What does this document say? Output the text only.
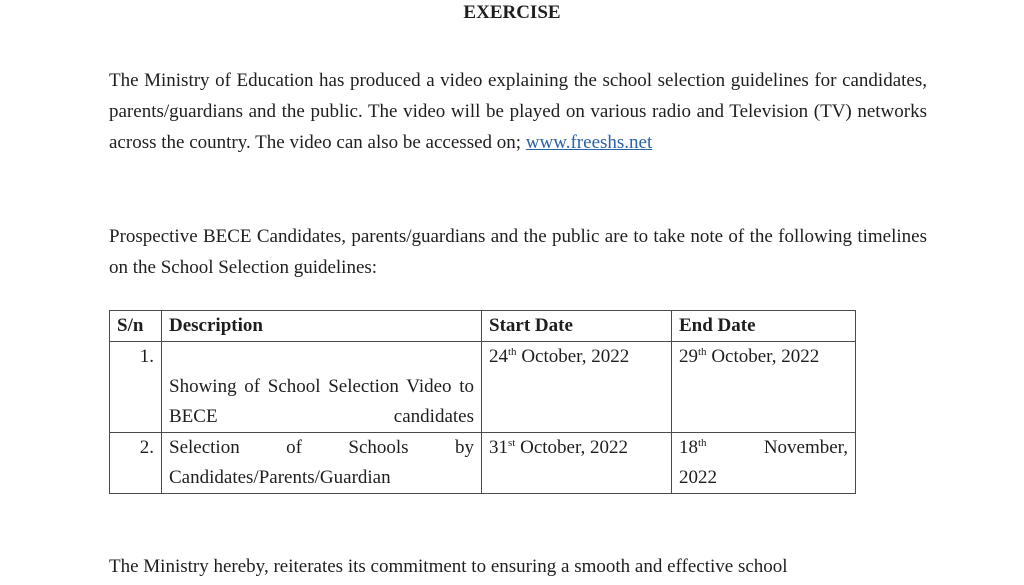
EXERCISE

The Ministry of Education has produced a video explaining the school selection guidelines for candidates, parents/guardians and the public. The video will be played on various radio and Television (TV) networks across the country. The video can also be accessed on; www.freeshs.net

Prospective BECE Candidates, parents/guardians and the public are to take note of the following timelines on the School Selection guidelines:

S/n	Description	Start Date	End Date
1.	Showing of School Selection Video to BECE candidates	24th October, 2022	29th October, 2022
2.	Selection of Schools by Candidates/Parents/Guardian	31st October, 2022	18th November,
2022

The Ministry hereby, reiterates its commitment to ensuring a smooth and effective school
